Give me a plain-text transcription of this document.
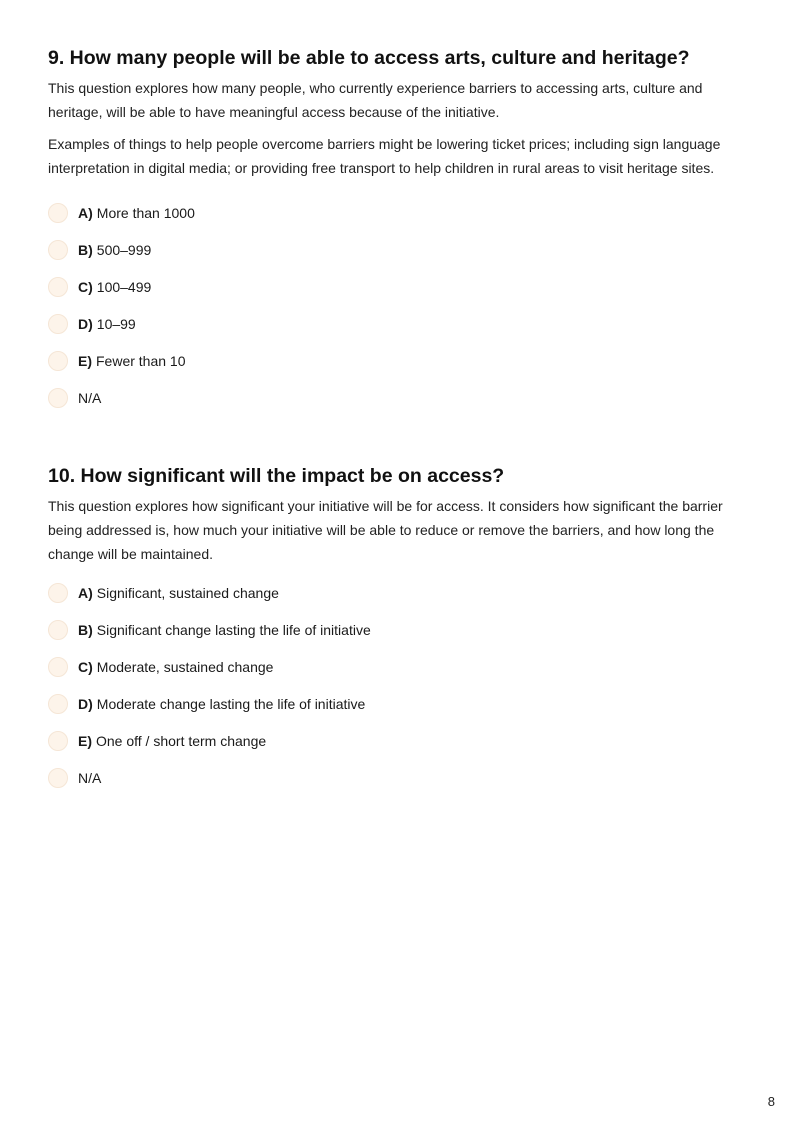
9. How many people will be able to access arts, culture and heritage?

This question explores how many people, who currently experience barriers to accessing arts, culture and heritage, will be able to have meaningful access because of the initiative.

Examples of things to help people overcome barriers might be lowering ticket prices; including sign language interpretation in digital media; or providing free transport to help children in rural areas to visit heritage sites.

A) More than 1000
B) 500–999
C) 100–499
D) 10–99
E) Fewer than 10
N/A
10. How significant will the impact be on access?

This question explores how significant your initiative will be for access. It considers how significant the barrier being addressed is, how much your initiative will be able to reduce or remove the barriers, and how long the change will be maintained.

A) Significant, sustained change
B) Significant change lasting the life of initiative
C) Moderate, sustained change
D) Moderate change lasting the life of initiative
E) One off / short term change
N/A
8
